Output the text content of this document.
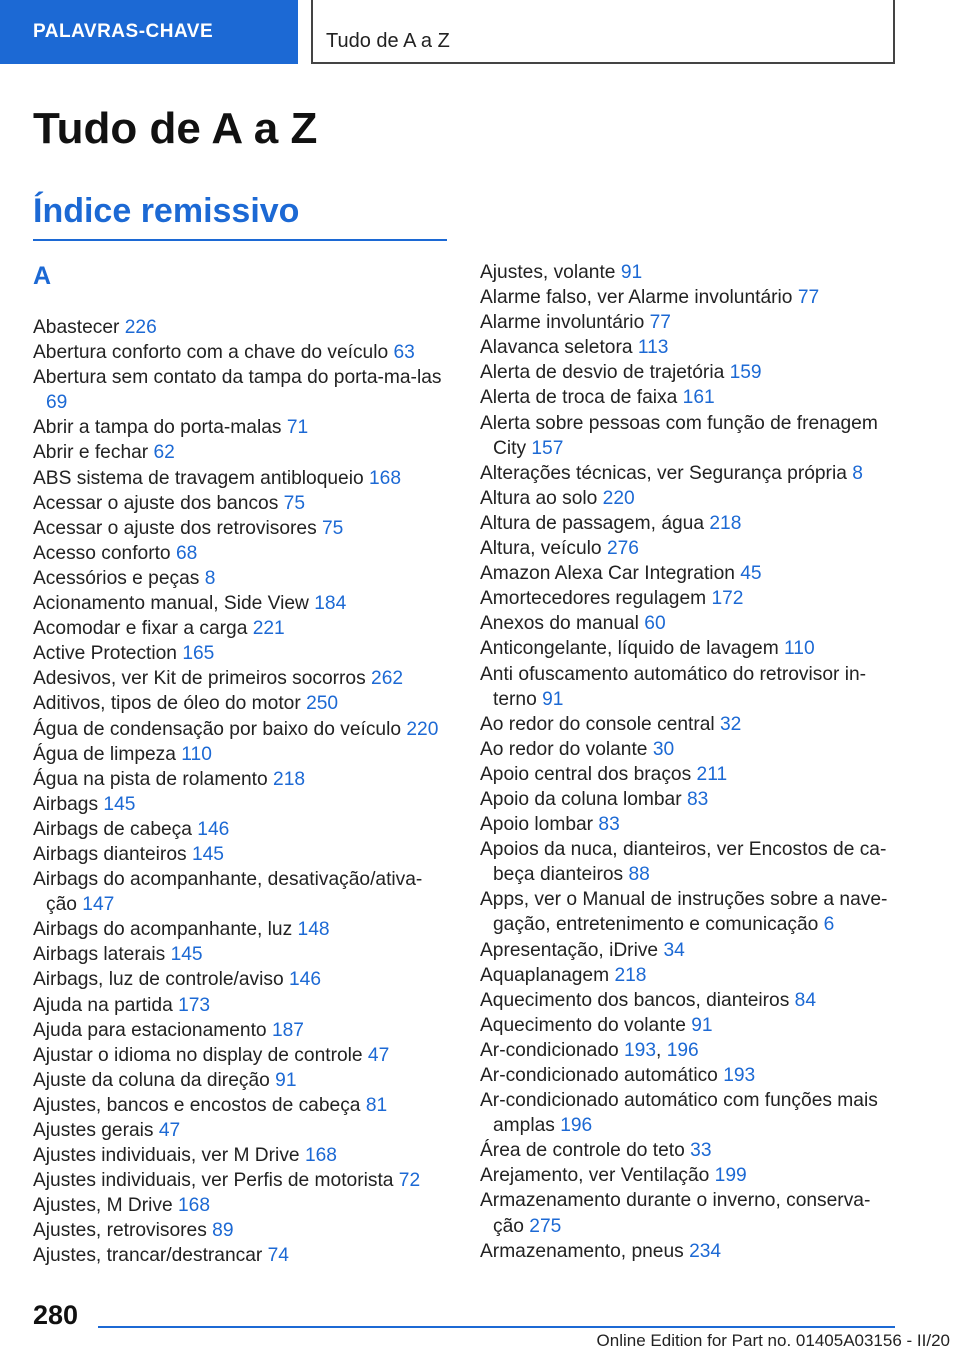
PALAVRAS-CHAVE	Tudo de A a Z
Tudo de A a Z
Índice remissivo
A
Abastecer 226
Abertura conforto com a chave do veículo 63
Abertura sem contato da tampa do porta-ma-las 69
Abrir a tampa do porta-malas 71
Abrir e fechar 62
ABS sistema de travagem antibloqueio 168
Acessar o ajuste dos bancos 75
Acessar o ajuste dos retrovisores 75
Acesso conforto 68
Acessórios e peças 8
Acionamento manual, Side View 184
Acomodar e fixar a carga 221
Active Protection 165
Adesivos, ver Kit de primeiros socorros 262
Aditivos, tipos de óleo do motor 250
Água de condensação por baixo do veículo 220
Água de limpeza 110
Água na pista de rolamento 218
Airbags 145
Airbags de cabeça 146
Airbags dianteiros 145
Airbags do acompanhante, desativação/ativa-ção 147
Airbags do acompanhante, luz 148
Airbags laterais 145
Airbags, luz de controle/aviso 146
Ajuda na partida 173
Ajuda para estacionamento 187
Ajustar o idioma no display de controle 47
Ajuste da coluna da direção 91
Ajustes, bancos e encostos de cabeça 81
Ajustes gerais 47
Ajustes individuais, ver M Drive 168
Ajustes individuais, ver Perfis de motorista 72
Ajustes, M Drive 168
Ajustes, retrovisores 89
Ajustes, trancar/destrancar 74
Ajustes, volante 91
Alarme falso, ver Alarme involuntário 77
Alarme involuntário 77
Alavanca seletora 113
Alerta de desvio de trajetória 159
Alerta de troca de faixa 161
Alerta sobre pessoas com função de frenagem City 157
Alterações técnicas, ver Segurança própria 8
Altura ao solo 220
Altura de passagem, água 218
Altura, veículo 276
Amazon Alexa Car Integration 45
Amortecedores regulagem 172
Anexos do manual 60
Anticongelante, líquido de lavagem 110
Anti ofuscamento automático do retrovisor in-terno 91
Ao redor do console central 32
Ao redor do volante 30
Apoio central dos braços 211
Apoio da coluna lombar 83
Apoio lombar 83
Apoios da nuca, dianteiros, ver Encostos de ca-beça dianteiros 88
Apps, ver o Manual de instruções sobre a nave-gação, entretenimento e comunicação 6
Apresentação, iDrive 34
Aquaplanagem 218
Aquecimento dos bancos, dianteiros 84
Aquecimento do volante 91
Ar-condicionado 193, 196
Ar-condicionado automático 193
Ar-condicionado automático com funções mais amplas 196
Área de controle do teto 33
Arejamento, ver Ventilação 199
Armazenamento durante o inverno, conserva-ção 275
Armazenamento, pneus 234
280
Online Edition for Part no. 01405A03156 - II/20
